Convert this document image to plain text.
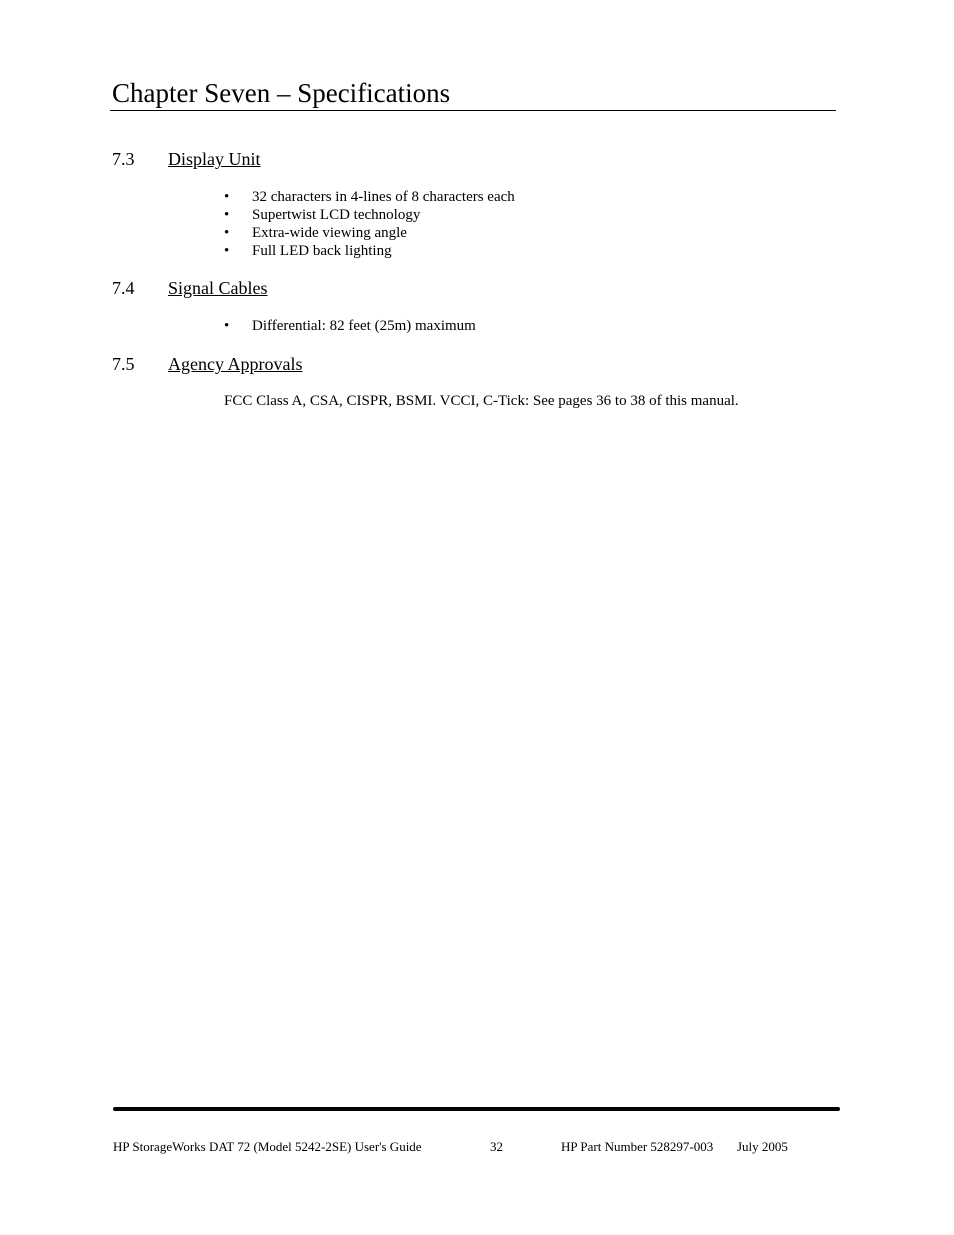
Chapter Seven – Specifications
7.3 Display Unit
• 32 characters in 4-lines of 8 characters each
• Supertwist LCD technology
• Extra-wide viewing angle
• Full LED back lighting
7.4 Signal Cables
• Differential: 82 feet (25m) maximum
7.5 Agency Approvals

FCC Class A, CSA, CISPR, BSMI. VCCI, C-Tick: See pages 36 to 38 of this manual.

HP StorageWorks DAT 72 (Model 5242-2SE) User's Guide	32	HP Part Number 528297-003 July 2005
